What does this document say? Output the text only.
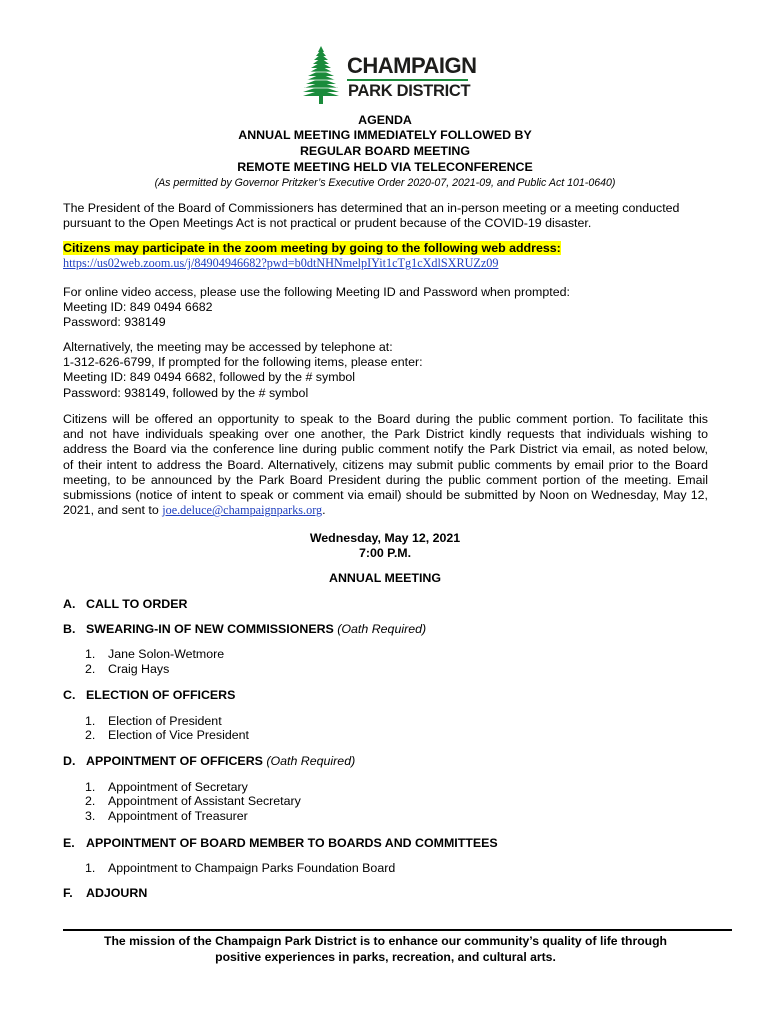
CHAMPAIGN
PARK DISTRICT
AGENDA
ANNUAL MEETING IMMEDIATELY FOLLOWED BY
REGULAR BOARD MEETING
REMOTE MEETING HELD VIA TELECONFERENCE
(As permitted by Governor Pritzker’s Executive Order 2020-07, 2021-09, and Public Act 101-0640)
The President of the Board of Commissioners has determined that an in-person meeting or a meeting conducted
pursuant to the Open Meetings Act is not practical or prudent because of the COVID-19 disaster.
Citizens may participate in the zoom meeting by going to the following web address:
https://us02web.zoom.us/j/84904946682?pwd=b0dtNHNmelpIYit1cTg1cXdlSXRUZz09
For online video access, please use the following Meeting ID and Password when prompted:
Meeting ID: 849 0494 6682
Password: 938149
Alternatively, the meeting may be accessed by telephone at:
1-312-626-6799, If prompted for the following items, please enter:
Meeting ID: 849 0494 6682, followed by the # symbol
Password: 938149, followed by the # symbol
Citizens will be offered an opportunity to speak to the Board during the public comment portion. To facilitate this
and not have individuals speaking over one another, the Park District kindly requests that individuals wishing to
address the Board via the conference line during public comment notify the Park District via email, as noted below,
of their intent to address the Board. Alternatively, citizens may submit public comments by email prior to the Board
meeting, to be announced by the Park Board President during the public comment portion of the meeting. Email
submissions (notice of intent to speak or comment via email) should be submitted by Noon on Wednesday, May 12,
2021, and sent to joe.deluce@champaignparks.org.
Wednesday, May 12, 2021
7:00 P.M.
ANNUAL MEETING
A. CALL TO ORDER
B. SWEARING-IN OF NEW COMMISSIONERS (Oath Required)
1. Jane Solon-Wetmore
2. Craig Hays
C. ELECTION OF OFFICERS
1. Election of President
2. Election of Vice President
D. APPOINTMENT OF OFFICERS (Oath Required)
1. Appointment of Secretary
2. Appointment of Assistant Secretary
3. Appointment of Treasurer
E. APPOINTMENT OF BOARD MEMBER TO BOARDS AND COMMITTEES
1. Appointment to Champaign Parks Foundation Board
F. ADJOURN
The mission of the Champaign Park District is to enhance our community’s quality of life through
positive experiences in parks, recreation, and cultural arts.
